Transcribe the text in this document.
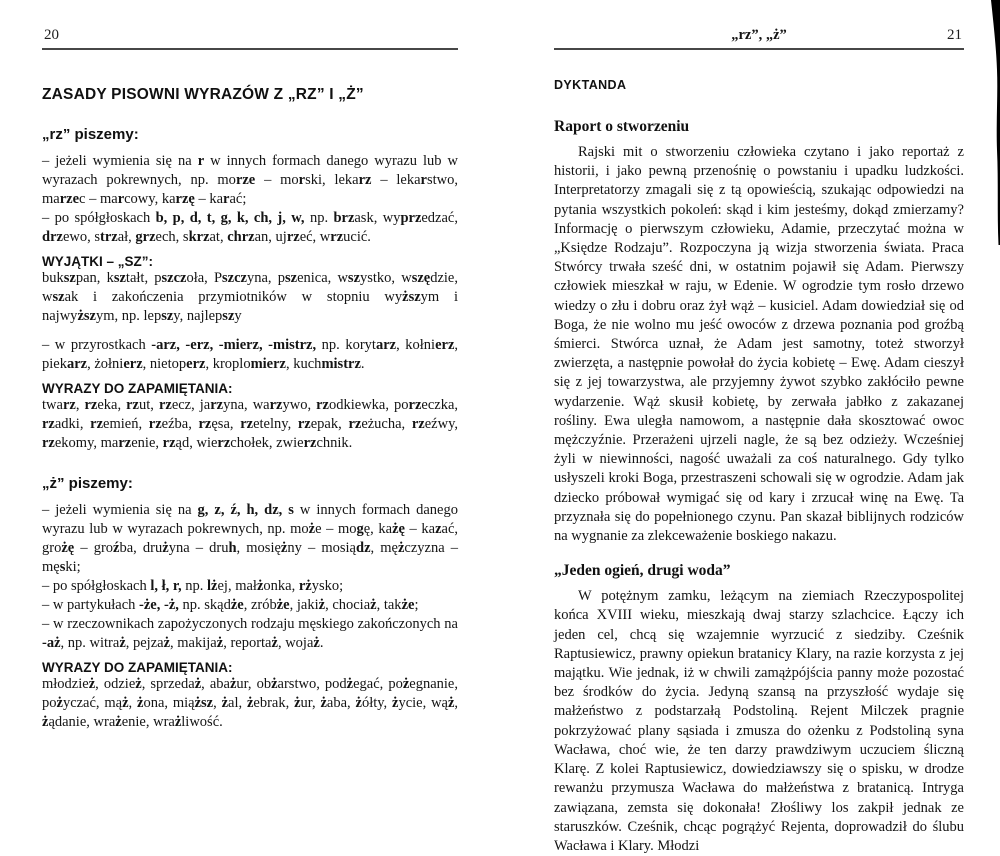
20
ZASADY PISOWNI WYRAZÓW Z „RZ” I „Ż”
„rz” piszemy:

– jeżeli wymienia się na r w innych formach danego wyrazu lub w wyrazach pokrewnych, np. morze – morski, lekarz – lekarstwo, marzec – marcowy, karzę – karać;

– po spółgłoskach b, p, d, t, g, k, ch, j, w, np. brzask, wyprzedzać, drzewo, strzał, grzech, skrzat, chrzan, ujrzeć, wrzucić.

WYJĄTKI – „SZ”:

bukszpan, kształt, pszczoła, Pszczyna, pszenica, wszystko, wszędzie, wszak i zakończenia przymiotników w stopniu wyższym i najwyższym, np. lepszy, najlepszy

– w przyrostkach -arz, -erz, -mierz, -mistrz, np. korytarz, kołnierz, piekarz, żołnierz, nietoperz, kroplomierz, kuchmistrz.

WYRAZY DO ZAPAMIĘTANIA:

twarz, rzeka, rzut, rzecz, jarzyna, warzywo, rzodkiewka, porzeczka, rzadki, rzemień, rzeźba, rzęsa, rzetelny, rzepak, rzeżucha, rzeźwy, rzekomy, marzenie, rząd, wierzchołek, zwierzchnik.

„ż” piszemy:

– jeżeli wymienia się na g, z, ź, h, dz, s w innych formach danego wyrazu lub w wyrazach pokrewnych, np. może – mogę, każę – kazać, grożę – groźba, drużyna – druh, mosiężny – mosiądz, mężczyzna – męski;

– po spółgłoskach l, ł, r, np. lżej, małżonka, rżysko;

– w partykułach -że, -ż, np. skądże, zróbże, jakiż, chociaż, także;

– w rzeczownikach zapożyczonych rodzaju męskiego zakończonych na -aż, np. witraż, pejzaż, makijaż, reportaż, wojaż.

WYRAZY DO ZAPAMIĘTANIA:

młodzież, odzież, sprzedaż, abażur, obżarstwo, podżegać, pożegnanie, pożyczać, mąż, żona, miąższ, żal, żebrak, żur, żaba, żółty, życie, wąż, żądanie, wrażenie, wrażliwość.

„rz”, „ż”	21

DYKTANDA

Raport o stworzeniu

Rajski mit o stworzeniu człowieka czytano i jako reportaż z historii, i jako pewną przenośnię o powstaniu i upadku ludzkości. Interpretatorzy zmagali się z tą opowieścią, szukając odpowiedzi na pytania wszystkich pokoleń: skąd i kim jesteśmy, dokąd zmierzamy? Informację o pierwszym człowieku, Adamie, przeczytać można w „Księdze Rodzaju”. Rozpoczyna ją wizja stworzenia świata. Praca Stwórcy trwała sześć dni, w ostatnim pojawił się Adam. Pierwszy człowiek mieszkał w raju, w Edenie. W ogrodzie tym rosło drzewo wiedzy o złu i dobru oraz żył wąż – kusiciel. Adam dowiedział się od Boga, że nie wolno mu jeść owoców z drzewa poznania pod groźbą śmierci. Stwórca uznał, że Adam jest samotny, toteż stworzył zwierzęta, a następnie powołał do życia kobietę – Ewę. Adam cieszył się z jej towarzystwa, ale przyjemny żywot szybko zakłóciło pewne wydarzenie. Wąż skusił kobietę, by zerwała jabłko z zakazanej rośliny. Ewa uległa namowom, a następnie dała skosztować owoc mężczyźnie. Przerażeni ujrzeli nagle, że są bez odzieży. Wcześniej żyli w niewinności, nagość uważali za coś naturalnego. Gdy tylko usłyszeli kroki Boga, przestraszeni schowali się w ogrodzie. Adam jak dziecko próbował wymigać się od kary i zrzucał winę na Ewę. Ta przyznała się do popełnionego czynu. Pan skazał biblijnych rodziców na wygnanie za zlekceważenie boskiego nakazu.

„Jeden ogień, drugi woda”

W potężnym zamku, leżącym na ziemiach Rzeczypospolitej końca XVIII wieku, mieszkają dwaj starzy szlachcice. Łączy ich jeden cel, chcą się wzajemnie wyrzucić z siedziby. Cześnik Raptusiewicz, prawny opiekun bratanicy Klary, na razie korzysta z jej majątku. Wie jednak, iż w chwili zamążpójścia panny może pozostać bez środków do życia. Jedyną szansą na przyszłość wydaje się małżeństwo z podstarzałą Podstoliną. Rejent Milczek pragnie pokrzyżować plany sąsiada i zmusza do ożenku z Podstoliną syna Wacława, choć wie, że ten darzy prawdziwym uczuciem śliczną Klarę. Z kolei Raptusiewicz, dowiedziawszy się o spisku, w drodze rewanżu przymusza Wacława do małżeństwa z bratanicą. Intryga zawiązana, zemsta się dokonała! Złośliwy los zakpił jednak ze staruszków. Cześnik, chcąc pogrążyć Rejenta, doprowadził do ślubu Wacława i Klary. Młodzi
